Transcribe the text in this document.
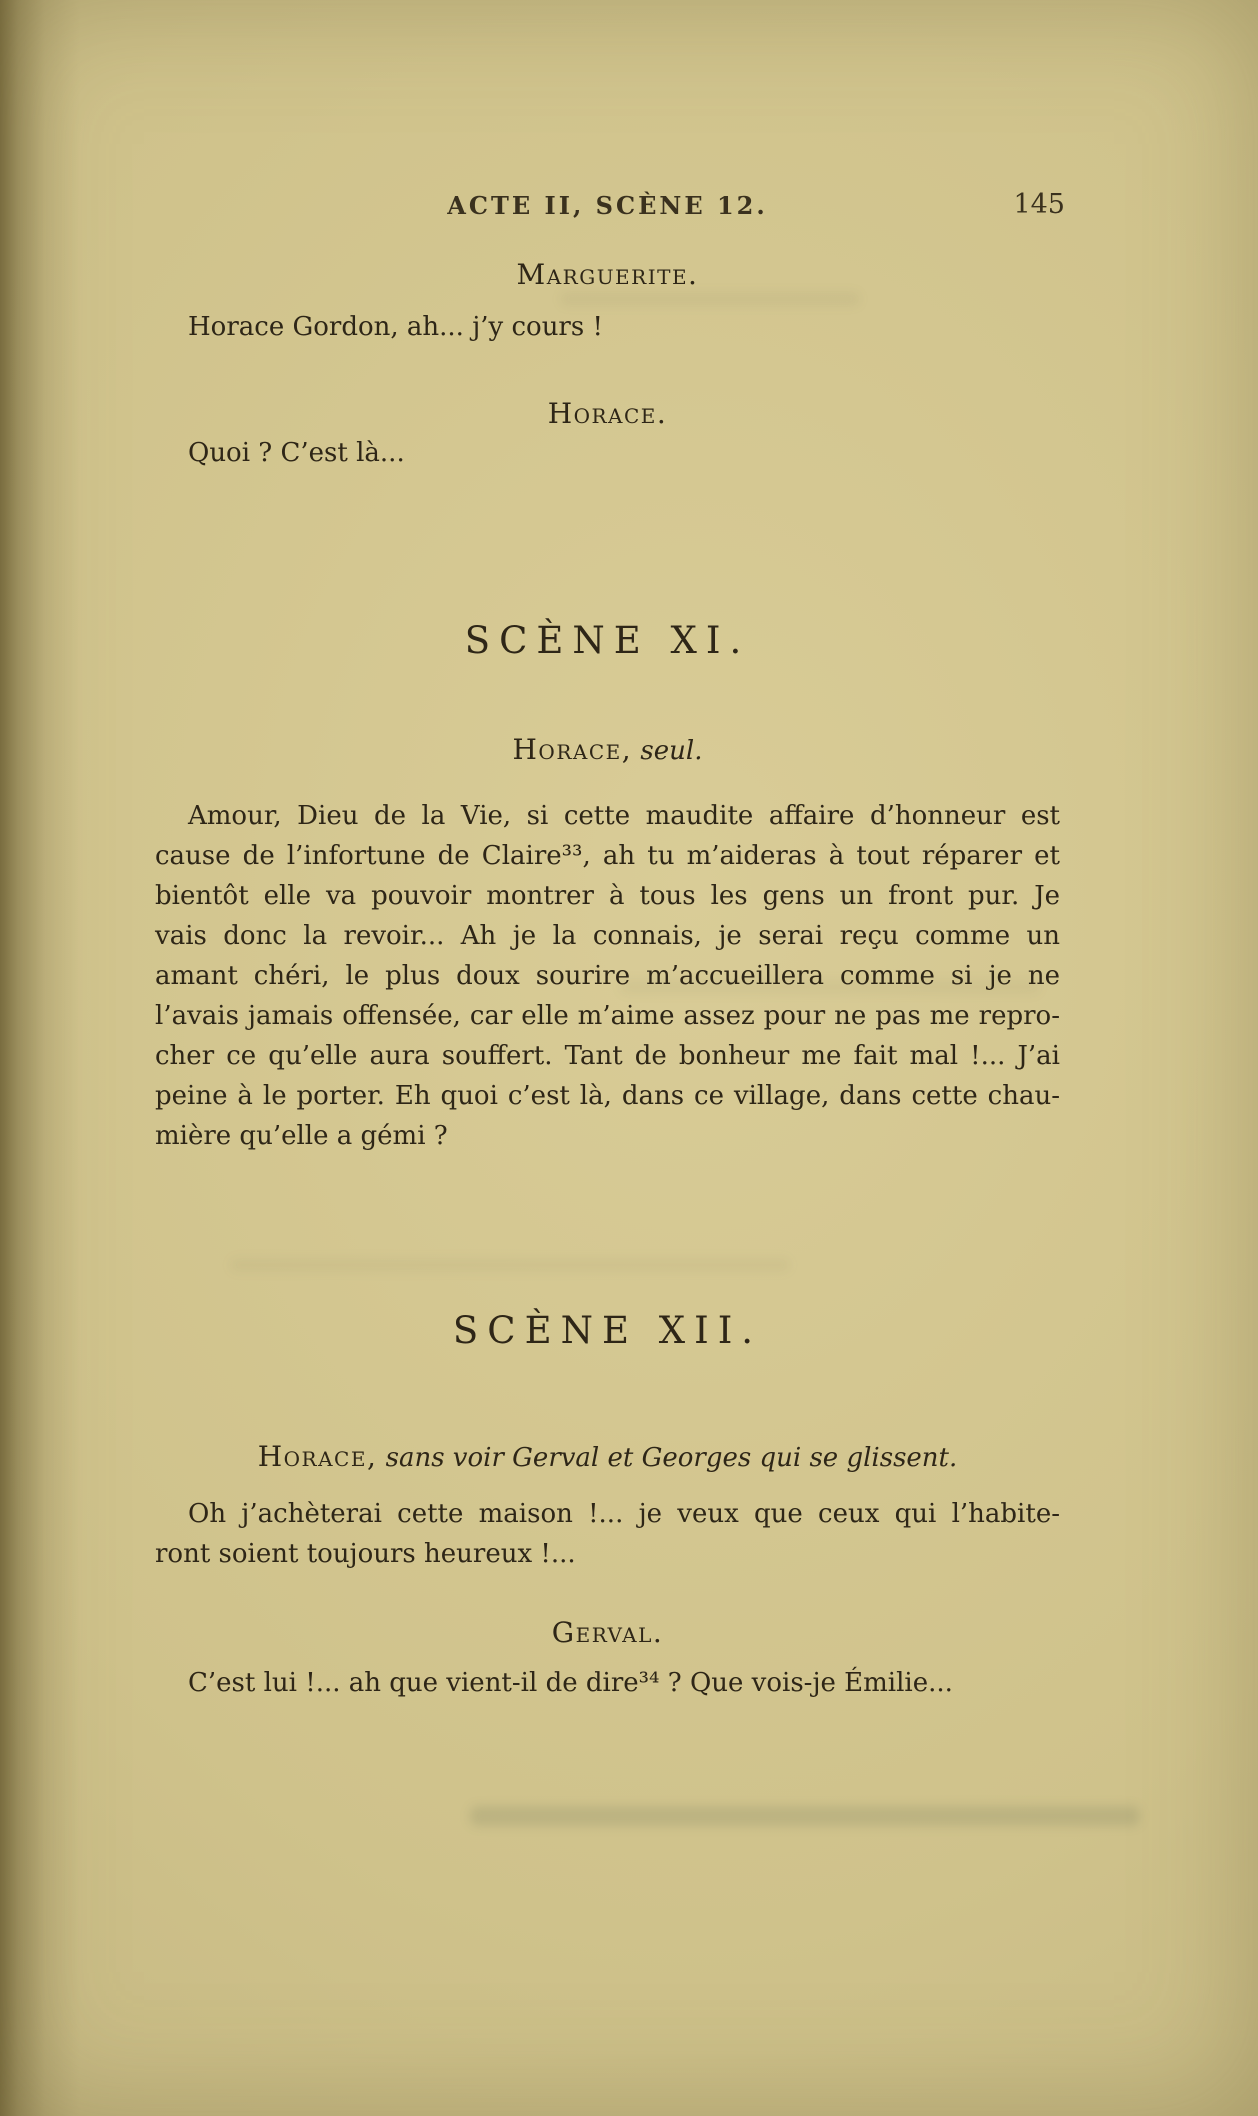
ACTE II, SCÈNE 12.	145
Marguerite.
Horace Gordon, ah... j’y cours !
Horace.
Quoi ? C’est là...
SCÈNE XI.
Horace, seul.
Amour, Dieu de la Vie, si cette maudite affaire d’honneur est
cause de l’infortune de Claire³³, ah tu m’aideras à tout réparer et
bientôt elle va pouvoir montrer à tous les gens un front pur. Je
vais donc la revoir... Ah je la connais, je serai reçu comme un
amant chéri, le plus doux sourire m’accueillera comme si je ne
l’avais jamais offensée, car elle m’aime assez pour ne pas me repro-
cher ce qu’elle aura souffert. Tant de bonheur me fait mal !... J’ai
peine à le porter. Eh quoi c’est là, dans ce village, dans cette chau-
mière qu’elle a gémi ?
SCÈNE XII.
Horace, sans voir Gerval et Georges qui se glissent.
Oh j’achèterai cette maison !... je veux que ceux qui l’habite-
ront soient toujours heureux !...
Gerval.
C’est lui !... ah que vient-il de dire³⁴ ? Que vois-je Émilie...
